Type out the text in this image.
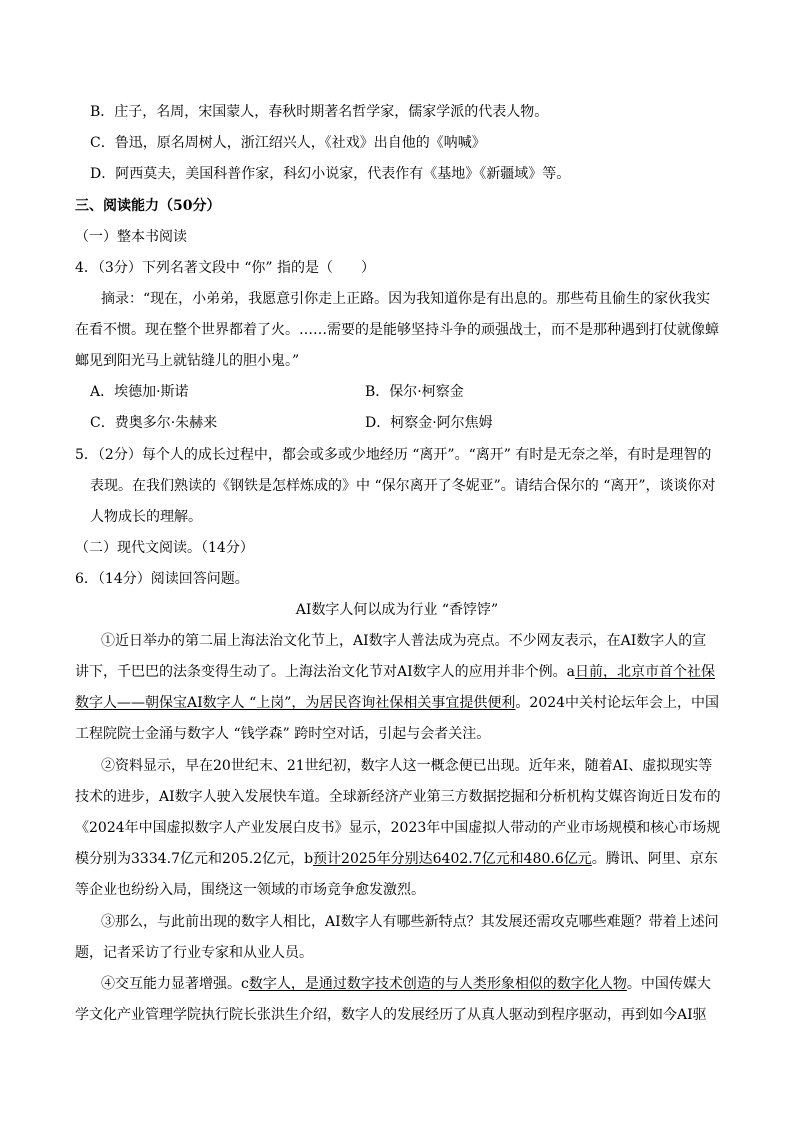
B．庄子，名周，宋国蒙人，春秋时期著名哲学家，儒家学派的代表人物。
C．鲁迅，原名周树人，浙江绍兴人，《社戏》出自他的《呐喊》
D．阿西莫夫，美国科普作家，科幻小说家，代表作有《基地》《新疆域》等。
三、阅读能力（50分）
（一）整本书阅读
4．（3分）下列名著文段中 “你” 指的是（　　）
摘录：“现在，小弟弟，我愿意引你走上正路。因为我知道你是有出息的。那些苟且偷生的家伙我实
在看不惯。现在整个世界都着了火。……需要的是能够坚持斗争的顽强战士，而不是那种遇到打仗就像蟑
螂见到阳光马上就钻缝儿的胆小鬼。”
A．埃德加·斯诺	B．保尔·柯察金
C．费奥多尔·朱赫来	D．柯察金·阿尔焦姆
5．（2分）每个人的成长过程中，都会或多或少地经历 “离开”。“离开” 有时是无奈之举，有时是理智的
表现。在我们熟读的《钢铁是怎样炼成的》中 “保尔离开了冬妮亚”。请结合保尔的 “离开”，谈谈你对
人物成长的理解。
（二）现代文阅读。（14分）
6．（14分）阅读回答问题。
AI数字人何以成为行业 “香饽饽”
①近日举办的第二届上海法治文化节上，AI数字人普法成为亮点。不少网友表示，在AI数字人的宣
讲下，千巴巴的法条变得生动了。上海法治文化节对AI数字人的应用并非个例。a日前，北京市首个社保
数字人——朝保宝AI数字人 “上岗”，为居民咨询社保相关事宜提供便利。2024中关村论坛年会上，中国
工程院院士金涌与数字人 “钱学森” 跨时空对话，引起与会者关注。
②资料显示，早在20世纪末、21世纪初，数字人这一概念便已出现。近年来，随着AI、虚拟现实等
技术的进步，AI数字人驶入发展快车道。全球新经济产业第三方数据挖掘和分析机构艾媒咨询近日发布的
《2024年中国虚拟数字人产业发展白皮书》显示，2023年中国虚拟人带动的产业市场规模和核心市场规
模分别为3334.7亿元和205.2亿元，b预计2025年分别达6402.7亿元和480.6亿元。腾讯、阿里、京东
等企业也纷纷入局，围绕这一领域的市场竞争愈发激烈。
③那么，与此前出现的数字人相比，AI数字人有哪些新特点？其发展还需攻克哪些难题？带着上述问
题，记者采访了行业专家和从业人员。
④交互能力显著增强。c数字人，是通过数字技术创造的与人类形象相似的数字化人物。中国传媒大
学文化产业管理学院执行院长张洪生介绍，数字人的发展经历了从真人驱动到程序驱动，再到如今AI驱
